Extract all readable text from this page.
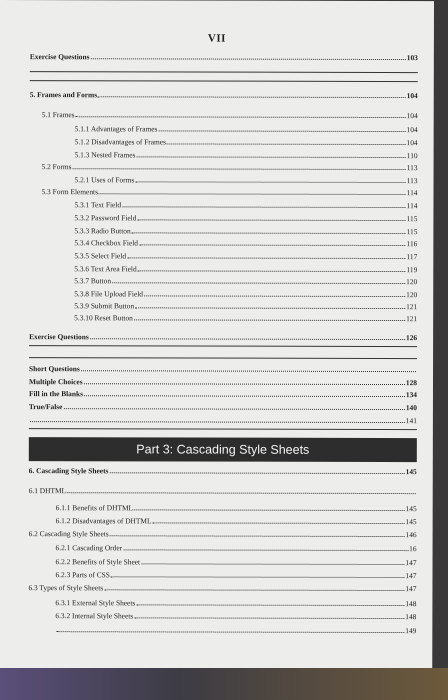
VII
Part 3: Cascading Style Sheets
Exercise Questions	103
5. Frames and Forms	104
5.1 Frames	104
5.1.1 Advantages of Frames	104
5.1.2 Disadvantages of Frames	104
5.1.3 Nested Frames	110
5.2 Forms	113
5.2.1 Uses of Forms	113
5.3 Form Elements	114
5.3.1 Text Field	114
5.3.2 Password Field	115
5.3.3 Radio Button	115
5.3.4 Checkbox Field	116
5.3.5 Select Field	117
5.3.6 Text Area Field	119
5.3.7 Button	120
5.3.8 File Upload Field	120
5.3.9 Submit Button	121
5.3.10 Reset Button	121
Exercise Questions	126
Short Questions
Multiple Choices	128
Fill in the Blanks	134
True/False	140
141
6. Cascading Style Sheets	145
6.1 DHTML
6.1.1 Benefits of DHTML	145
6.1.2 Disadvantages of DHTML	145
6.2 Cascading Style Sheets	146
6.2.1 Cascading Order	16
6.2.2 Benefits of Style Sheet	147
6.2.3 Parts of CSS	147
6.3 Types of Style Sheets	147
6.3.1 External Style Sheets	148
6.3.2 Internal Style Sheets	148
149
